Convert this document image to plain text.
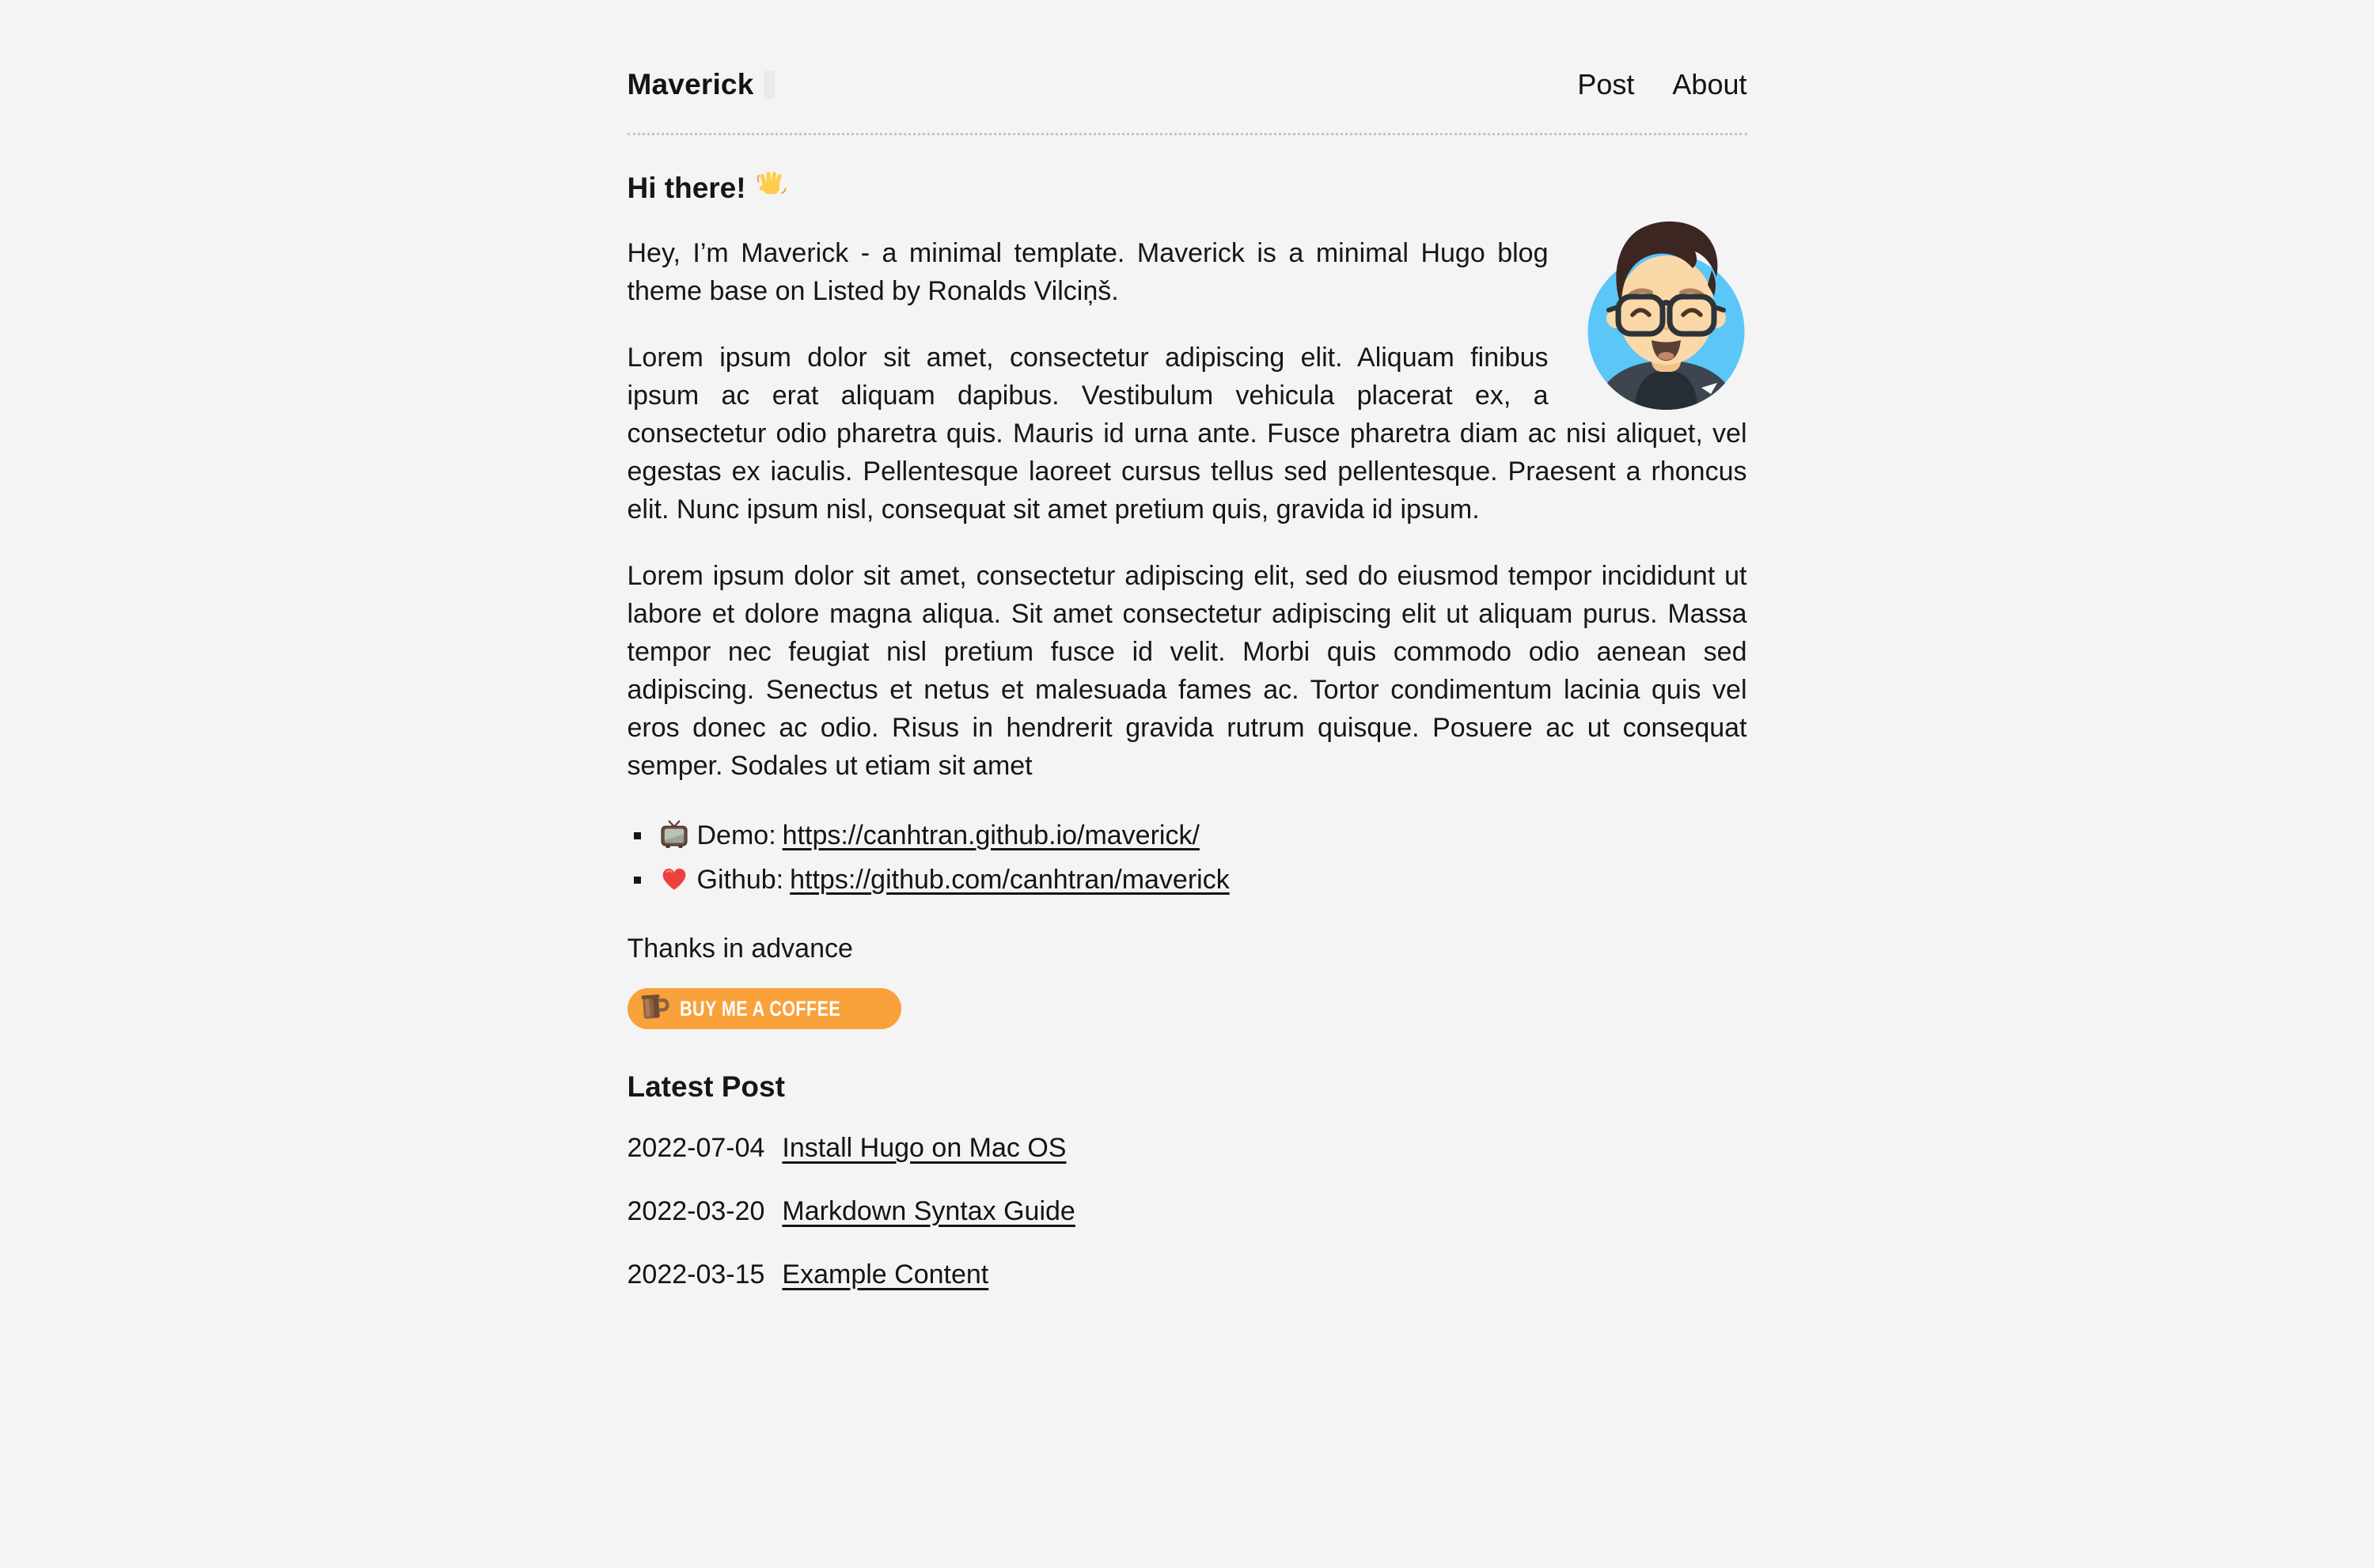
Maverick	Post About
Hi there!

Hey, I’m Maverick - a minimal template. Maverick is a minimal Hugo blog theme base on Listed by Ronalds Vilciņš.

Lorem ipsum dolor sit amet, consectetur adipiscing elit. Aliquam finibus ipsum ac erat aliquam dapibus. Vestibulum vehicula placerat ex, a consectetur odio pharetra quis. Mauris id urna ante. Fusce pharetra diam ac nisi aliquet, vel egestas ex iaculis. Pellentesque laoreet cursus tellus sed pellentesque. Praesent a rhoncus elit. Nunc ipsum nisl, consequat sit amet pretium quis, gravida id ipsum.

Lorem ipsum dolor sit amet, consectetur adipiscing elit, sed do eiusmod tempor incididunt ut labore et dolore magna aliqua. Sit amet consectetur adipiscing elit ut aliquam purus. Massa tempor nec feugiat nisl pretium fusce id velit. Morbi quis commodo odio aenean sed adipiscing. Senectus et netus et malesuada fames ac. Tortor condimentum lacinia quis vel eros donec ac odio. Risus in hendrerit gravida rutrum quisque. Posuere ac ut consequat semper. Sodales ut etiam sit amet

Demo: https://canhtran.github.io/maverick/
Github: https://github.com/canhtran/maverick

Thanks in advance

BUY ME A COFFEE
Latest Post
2022-07-04 Install Hugo on Mac OS
2022-03-20 Markdown Syntax Guide
2022-03-15 Example Content
